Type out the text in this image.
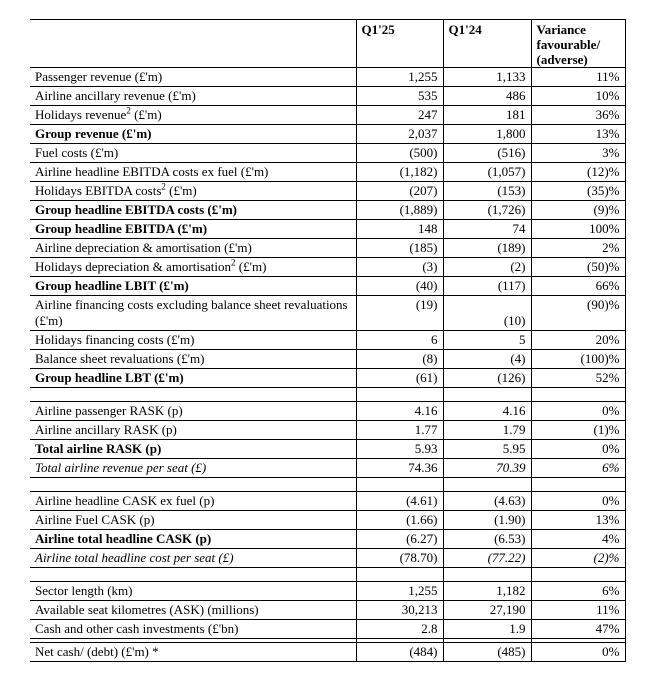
	Q1'25	Q1'24	Variance favourable/ (adverse)
Passenger revenue (£'m)	1,255	1,133	11%
Airline ancillary revenue (£'m)	535	486	10%
Holidays revenue$^2$ (£'m)	247	181	36%
Group revenue (£'m)	2,037	1,800	13%
Fuel costs (£'m)	(500)	(516)	3%
Airline headline EBITDA costs ex fuel (£'m)	(1,182)	(1,057)	(12)%
Holidays EBITDA costs$^2$ (£'m)	(207)	(153)	(35)%
Group headline EBITDA costs (£'m)	(1,889)	(1,726)	(9)%
Group headline EBITDA (£'m)	148	74	100%
Airline depreciation & amortisation (£'m)	(185)	(189)	2%
Holidays depreciation & amortisation$^2$ (£'m)	(3)	(2)	(50)%
Group headline LBIT (£'m)	(40)	(117)	66%
Airline financing costs excluding balance sheet revaluations
(£'m)	(19)	(10)	(90)%
Holidays financing costs (£'m)	6	5	20%
Balance sheet revaluations (£'m)	(8)	(4)	(100)%
Group headline LBT (£'m)	(61)	(126)	52%

Airline passenger RASK (p)	4.16	4.16	0%
Airline ancillary RASK (p)	1.77	1.79	(1)%
Total airline RASK (p)	5.93	5.95	0%
Total airline revenue per seat (£)	74.36	70.39	6%

Airline headline CASK ex fuel (p)	(4.61)	(4.63)	0%
Airline Fuel CASK (p)	(1.66)	(1.90)	13%
Airline total headline CASK (p)	(6.27)	(6.53)	4%
Airline total headline cost per seat (£)	(78.70)	(77.22)	(2)%

Sector length (km)	1,255	1,182	6%
Available seat kilometres (ASK) (millions)	30,213	27,190	11%
Cash and other cash investments (£'bn)	2.8	1.9	47%

Net cash/ (debt) (£'m) *	(484)	(485)	0%
